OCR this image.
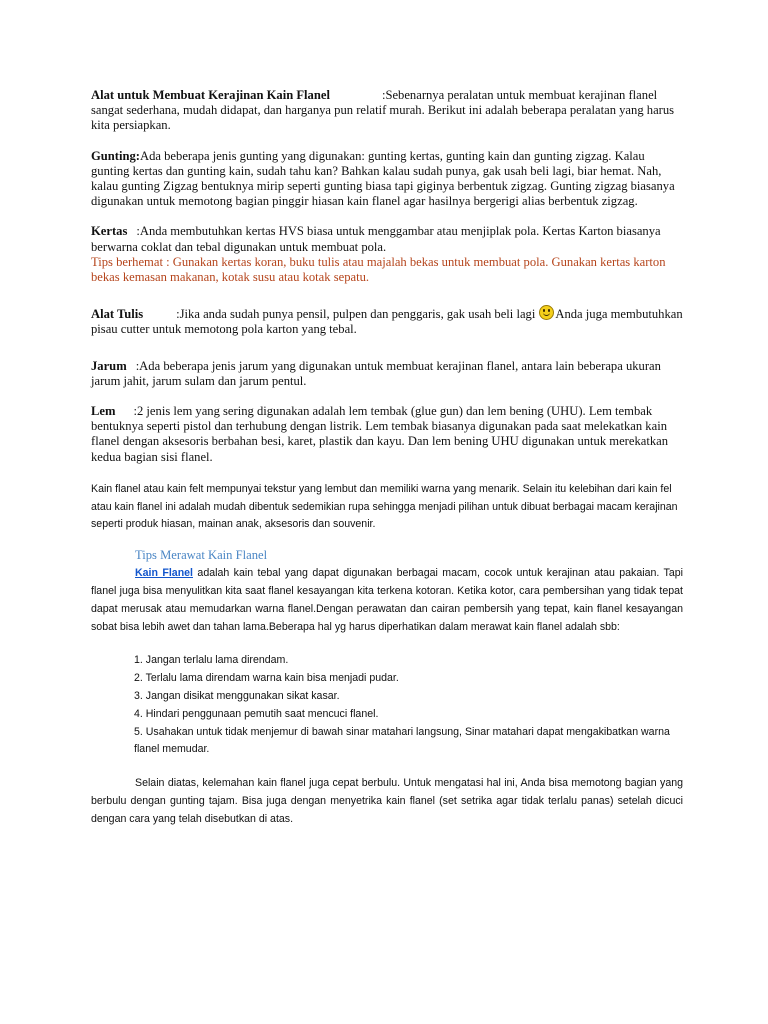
Alat untuk Membuat Kerajinan Kain Flanel	:Sebenarnya peralatan untuk membuat kerajinan flanel sangat sederhana, mudah didapat, dan harganya pun relatif murah. Berikut ini adalah beberapa peralatan yang harus kita persiapkan.

Gunting:Ada beberapa jenis gunting yang digunakan: gunting kertas, gunting kain dan gunting zigzag. Kalau gunting kertas dan gunting kain, sudah tahu kan? Bahkan kalau sudah punya, gak usah beli lagi, biar hemat. Nah, kalau gunting Zigzag bentuknya mirip seperti gunting biasa tapi giginya berbentuk zigzag. Gunting zigzag biasanya digunakan untuk memotong bagian pinggir hiasan kain flanel agar hasilnya bergerigi alias berbentuk zigzag.

Kertas :Anda membutuhkan kertas HVS biasa untuk menggambar atau menjiplak pola. Kertas Karton biasanya berwarna coklat dan tebal digunakan untuk membuat pola.

Tips berhemat : Gunakan kertas koran, buku tulis atau majalah bekas untuk membuat pola. Gunakan kertas karton bekas kemasan makanan, kotak susu atau kotak sepatu.

Alat Tulis	:Jika anda sudah punya pensil, pulpen dan penggaris, gak usah beli lagi Anda juga membutuhkan pisau cutter untuk memotong pola karton yang tebal.

Jarum :Ada beberapa jenis jarum yang digunakan untuk membuat kerajinan flanel, antara lain beberapa ukuran jarum jahit, jarum sulam dan jarum pentul.

Lem :2 jenis lem yang sering digunakan adalah lem tembak (glue gun) dan lem bening (UHU). Lem tembak bentuknya seperti pistol dan terhubung dengan listrik. Lem tembak biasanya digunakan pada saat melekatkan kain flanel dengan aksesoris berbahan besi, karet, plastik dan kayu. Dan lem bening UHU digunakan untuk merekatkan kedua bagian sisi flanel.

Kain flanel atau kain felt mempunyai tekstur yang lembut dan memiliki warna yang menarik. Selain itu kelebihan dari kain fel atau kain flanel ini adalah mudah dibentuk sedemikian rupa sehingga menjadi pilihan untuk dibuat berbagai macam kerajinan seperti produk hiasan, mainan anak, aksesoris dan souvenir.

Tips Merawat Kain Flanel

Kain Flanel adalah kain tebal yang dapat digunakan berbagai macam, cocok untuk kerajinan atau pakaian. Tapi flanel juga bisa menyulitkan kita saat flanel kesayangan kita terkena kotoran. Ketika kotor, cara pembersihan yang tidak tepat dapat merusak atau memudarkan warna flanel.Dengan perawatan dan cairan pembersih yang tepat, kain flanel kesayangan sobat bisa lebih awet dan tahan lama.Beberapa hal yg harus diperhatikan dalam merawat kain flanel adalah sbb:

1. Jangan terlalu lama direndam.
2. Terlalu lama direndam warna kain bisa menjadi pudar.
3. Jangan disikat menggunakan sikat kasar.
4. Hindari penggunaan pemutih saat mencuci flanel.
5. Usahakan untuk tidak menjemur di bawah sinar matahari langsung, Sinar matahari dapat mengakibatkan warna flanel memudar.

Selain diatas, kelemahan kain flanel juga cepat berbulu. Untuk mengatasi hal ini, Anda bisa memotong bagian yang berbulu dengan gunting tajam. Bisa juga dengan menyetrika kain flanel (set setrika agar tidak terlalu panas) setelah dicuci dengan cara yang telah disebutkan di atas.
